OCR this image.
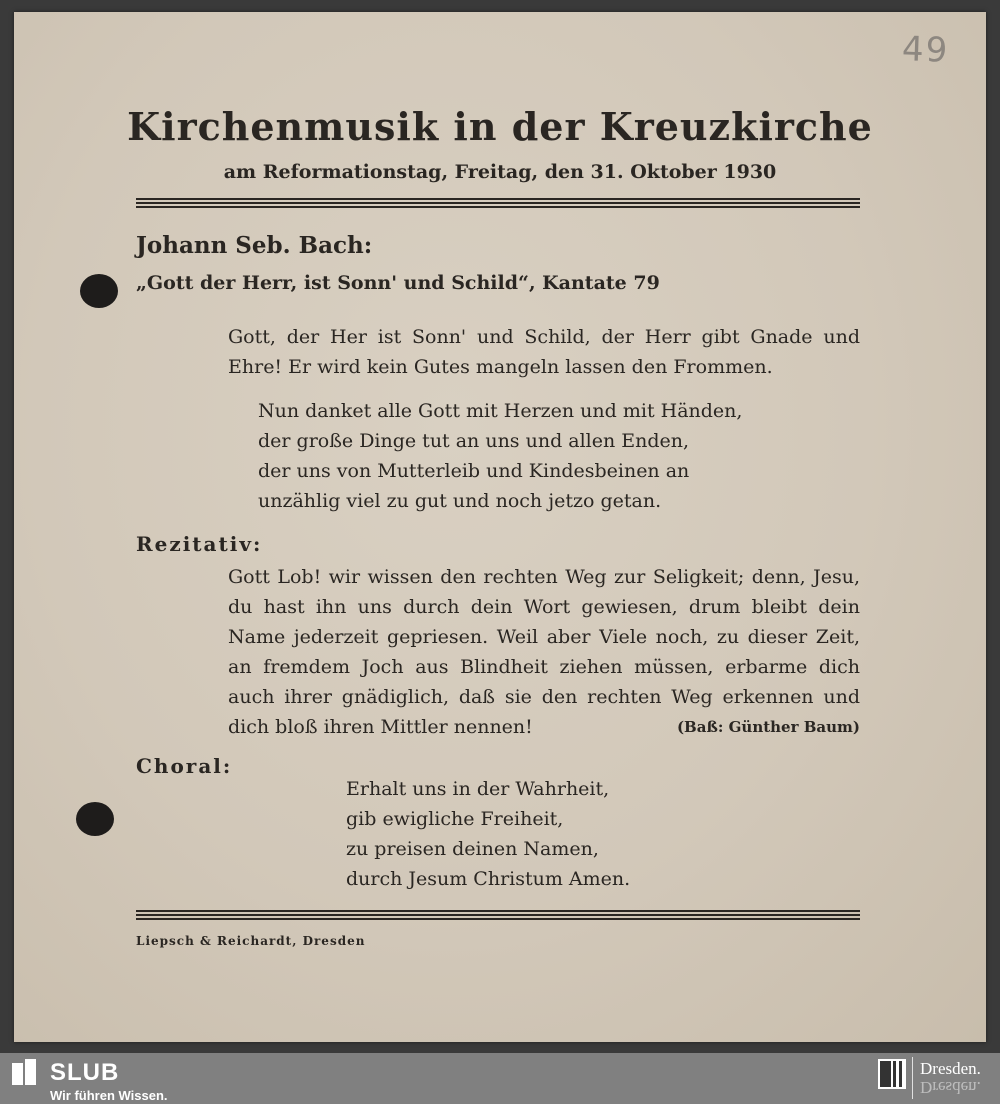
49
Kirchenmusik in der Kreuzkirche
am Reformationstag, Freitag, den 31. Oktober 1930
Johann Seb. Bach:
„Gott der Herr, ist Sonn' und Schild“, Kantate 79
Gott, der Her ist Sonn' und Schild, der Herr gibt Gnade und Ehre! Er wird kein Gutes mangeln lassen den Frommen.
Nun danket alle Gott mit Herzen und mit Händen,
der große Dinge tut an uns und allen Enden,
der uns von Mutterleib und Kindesbeinen an
unzählig viel zu gut und noch jetzo getan.
Rezitativ:
Gott Lob! wir wissen den rechten Weg zur Seligkeit; denn, Jesu, du hast ihn uns durch dein Wort gewiesen, drum bleibt dein Name jederzeit gepriesen. Weil aber Viele noch, zu dieser Zeit, an fremdem Joch aus Blindheit ziehen müssen, erbarme dich auch ihrer gnädiglich, daß sie den rechten Weg erkennen und dich bloß ihren Mittler nennen!	(Baß: Günther Baum)
Choral:
Erhalt uns in der Wahrheit,
gib ewigliche Freiheit,
zu preisen deinen Namen,
durch Jesum Christum Amen.
Liepsch & Reichardt, Dresden
SLUB
Wir führen Wissen.
Dresden.
Dresden.
